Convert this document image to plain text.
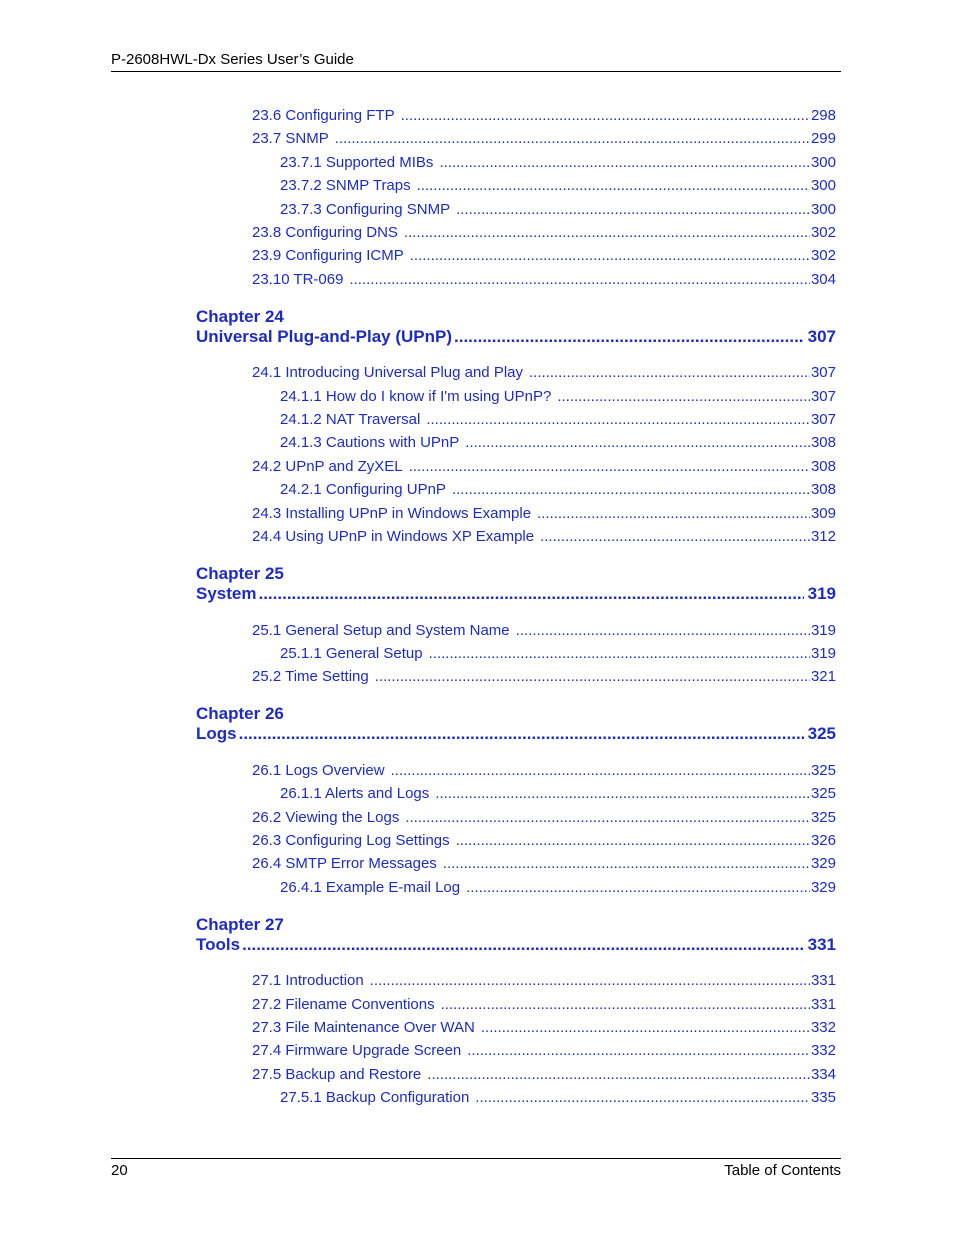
P-2608HWL-Dx Series User’s Guide
23.6 Configuring FTP .....	298
23.7 SNMP .....	299
23.7.1 Supported MIBs .....	300
23.7.2 SNMP Traps .....	300
23.7.3 Configuring SNMP .....	300
23.8 Configuring DNS .....	302
23.9 Configuring ICMP .....	302
23.10 TR-069 .....	304
Chapter 24
Universal Plug-and-Play (UPnP) .....	307
24.1 Introducing Universal Plug and Play .....	307
24.1.1 How do I know if I'm using UPnP? .....	307
24.1.2 NAT Traversal .....	307
24.1.3 Cautions with UPnP .....	308
24.2 UPnP and ZyXEL .....	308
24.2.1 Configuring UPnP .....	308
24.3 Installing UPnP in Windows Example .....	309
24.4 Using UPnP in Windows XP Example .....	312
Chapter 25
System .....	319
25.1 General Setup and System Name .....	319
25.1.1 General Setup .....	319
25.2 Time Setting .....	321
Chapter 26
Logs .....	325
26.1 Logs Overview .....	325
26.1.1 Alerts and Logs .....	325
26.2 Viewing the Logs .....	325
26.3 Configuring Log Settings .....	326
26.4 SMTP Error Messages .....	329
26.4.1 Example E-mail Log .....	329
Chapter 27
Tools .....	331
27.1 Introduction .....	331
27.2 Filename Conventions .....	331
27.3 File Maintenance Over WAN .....	332
27.4 Firmware Upgrade Screen .....	332
27.5 Backup and Restore .....	334
27.5.1 Backup Configuration .....	335
20	Table of Contents
